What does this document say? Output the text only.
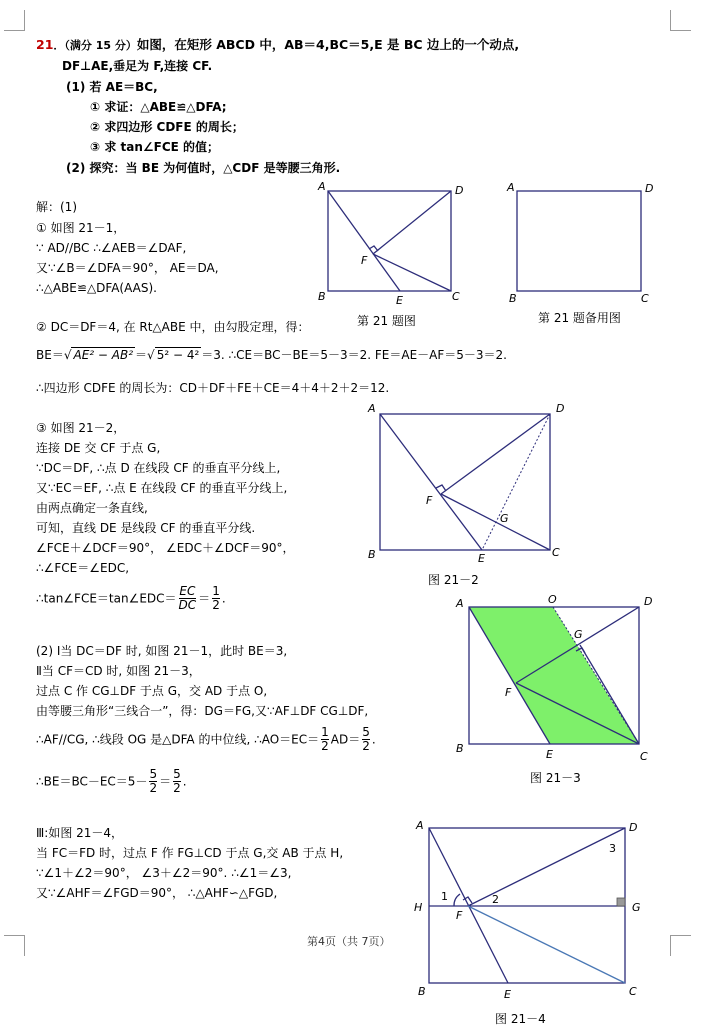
21．（满分 15 分）如图，在矩形 ABCD 中，AB＝4,BC＝5,E 是 BC 边上的一个动点,
DF⊥AE,垂足为 F,连接 CF.
(1) 若 AE＝BC,
① 求证：△ABE≌△DFA;
② 求四边形 CDFE 的周长；
③ 求 tan∠FCE 的值；
(2) 探究：当 BE 为何值时，△CDF 是等腰三角形.
解：(1)
① 如图 21－1，
∵ AD//BC ∴∠AEB＝∠DAF,
又∵∠B＝∠DFA＝90°， AE＝DA,
∴△ABE≌△DFA(AAS).
② DC＝DF＝4, 在 Rt△ABE 中，由勾股定理，得：
BE＝√ AE² − AB² ＝√ 5² − 4² ＝3. ∴CE＝BC－BE＝5－3＝2. FE＝AE－AF＝5－3＝2.
∴四边形 CDFE 的周长为：CD＋DF＋FE＋CE＝4＋4＋2＋2＝12.
③ 如图 21－2，
连接 DE 交 CF 于点 G,
∵DC＝DF, ∴点 D 在线段 CF 的垂直平分线上,
又∵EC＝EF, ∴点 E 在线段 CF 的垂直平分线上,
由两点确定一条直线,
可知，直线 DE 是线段 CF 的垂直平分线.
∠FCE＋∠DCF＝90°， ∠EDC＋∠DCF＝90°，
∴∠FCE＝∠EDC,
∴tan∠FCE＝tan∠EDC＝ $\frac{EC}{DC} = \frac{1}{2}$ .
(2) Ⅰ当 DC＝DF 时, 如图 21－1，此时 BE＝3,
Ⅱ当 CF＝CD 时, 如图 21－3，
过点 C 作 CG⊥DF 于点 G，交 AD 于点 O,
由等腰三角形“三线合一”，得：DG＝FG,又∵AF⊥DF CG⊥DF,
∴AF//CG, ∴线段 OG 是△DFA 的中位线, ∴AO＝EC＝ $\frac{1}{2} AD= \frac{5}{2}$ .
∴BE＝BC－EC＝5－ $\frac{5}{2} = \frac{5}{2}$ .
Ⅲ:如图 21－4，
当 FC＝FD 时，过点 F 作 FG⊥CD 于点 G,交 AB 于点 H,
∵∠1＋∠2＝90°， ∠3＋∠2＝90°. ∴∠1＝∠3,
又∵∠AHF＝∠FGD＝90°， ∴△AHF∽△FGD,
A	D
B	C
E
F
第 21 题图
A	D
B	C
第 21 题备用图
A	D
B	C
E
F
G
图 21－2
A	O	D
G
F
B	E	C
图 21－3
A	D
3
H
1	2
F
G
B	E	C
图 21－4
第4页（共 7页）
